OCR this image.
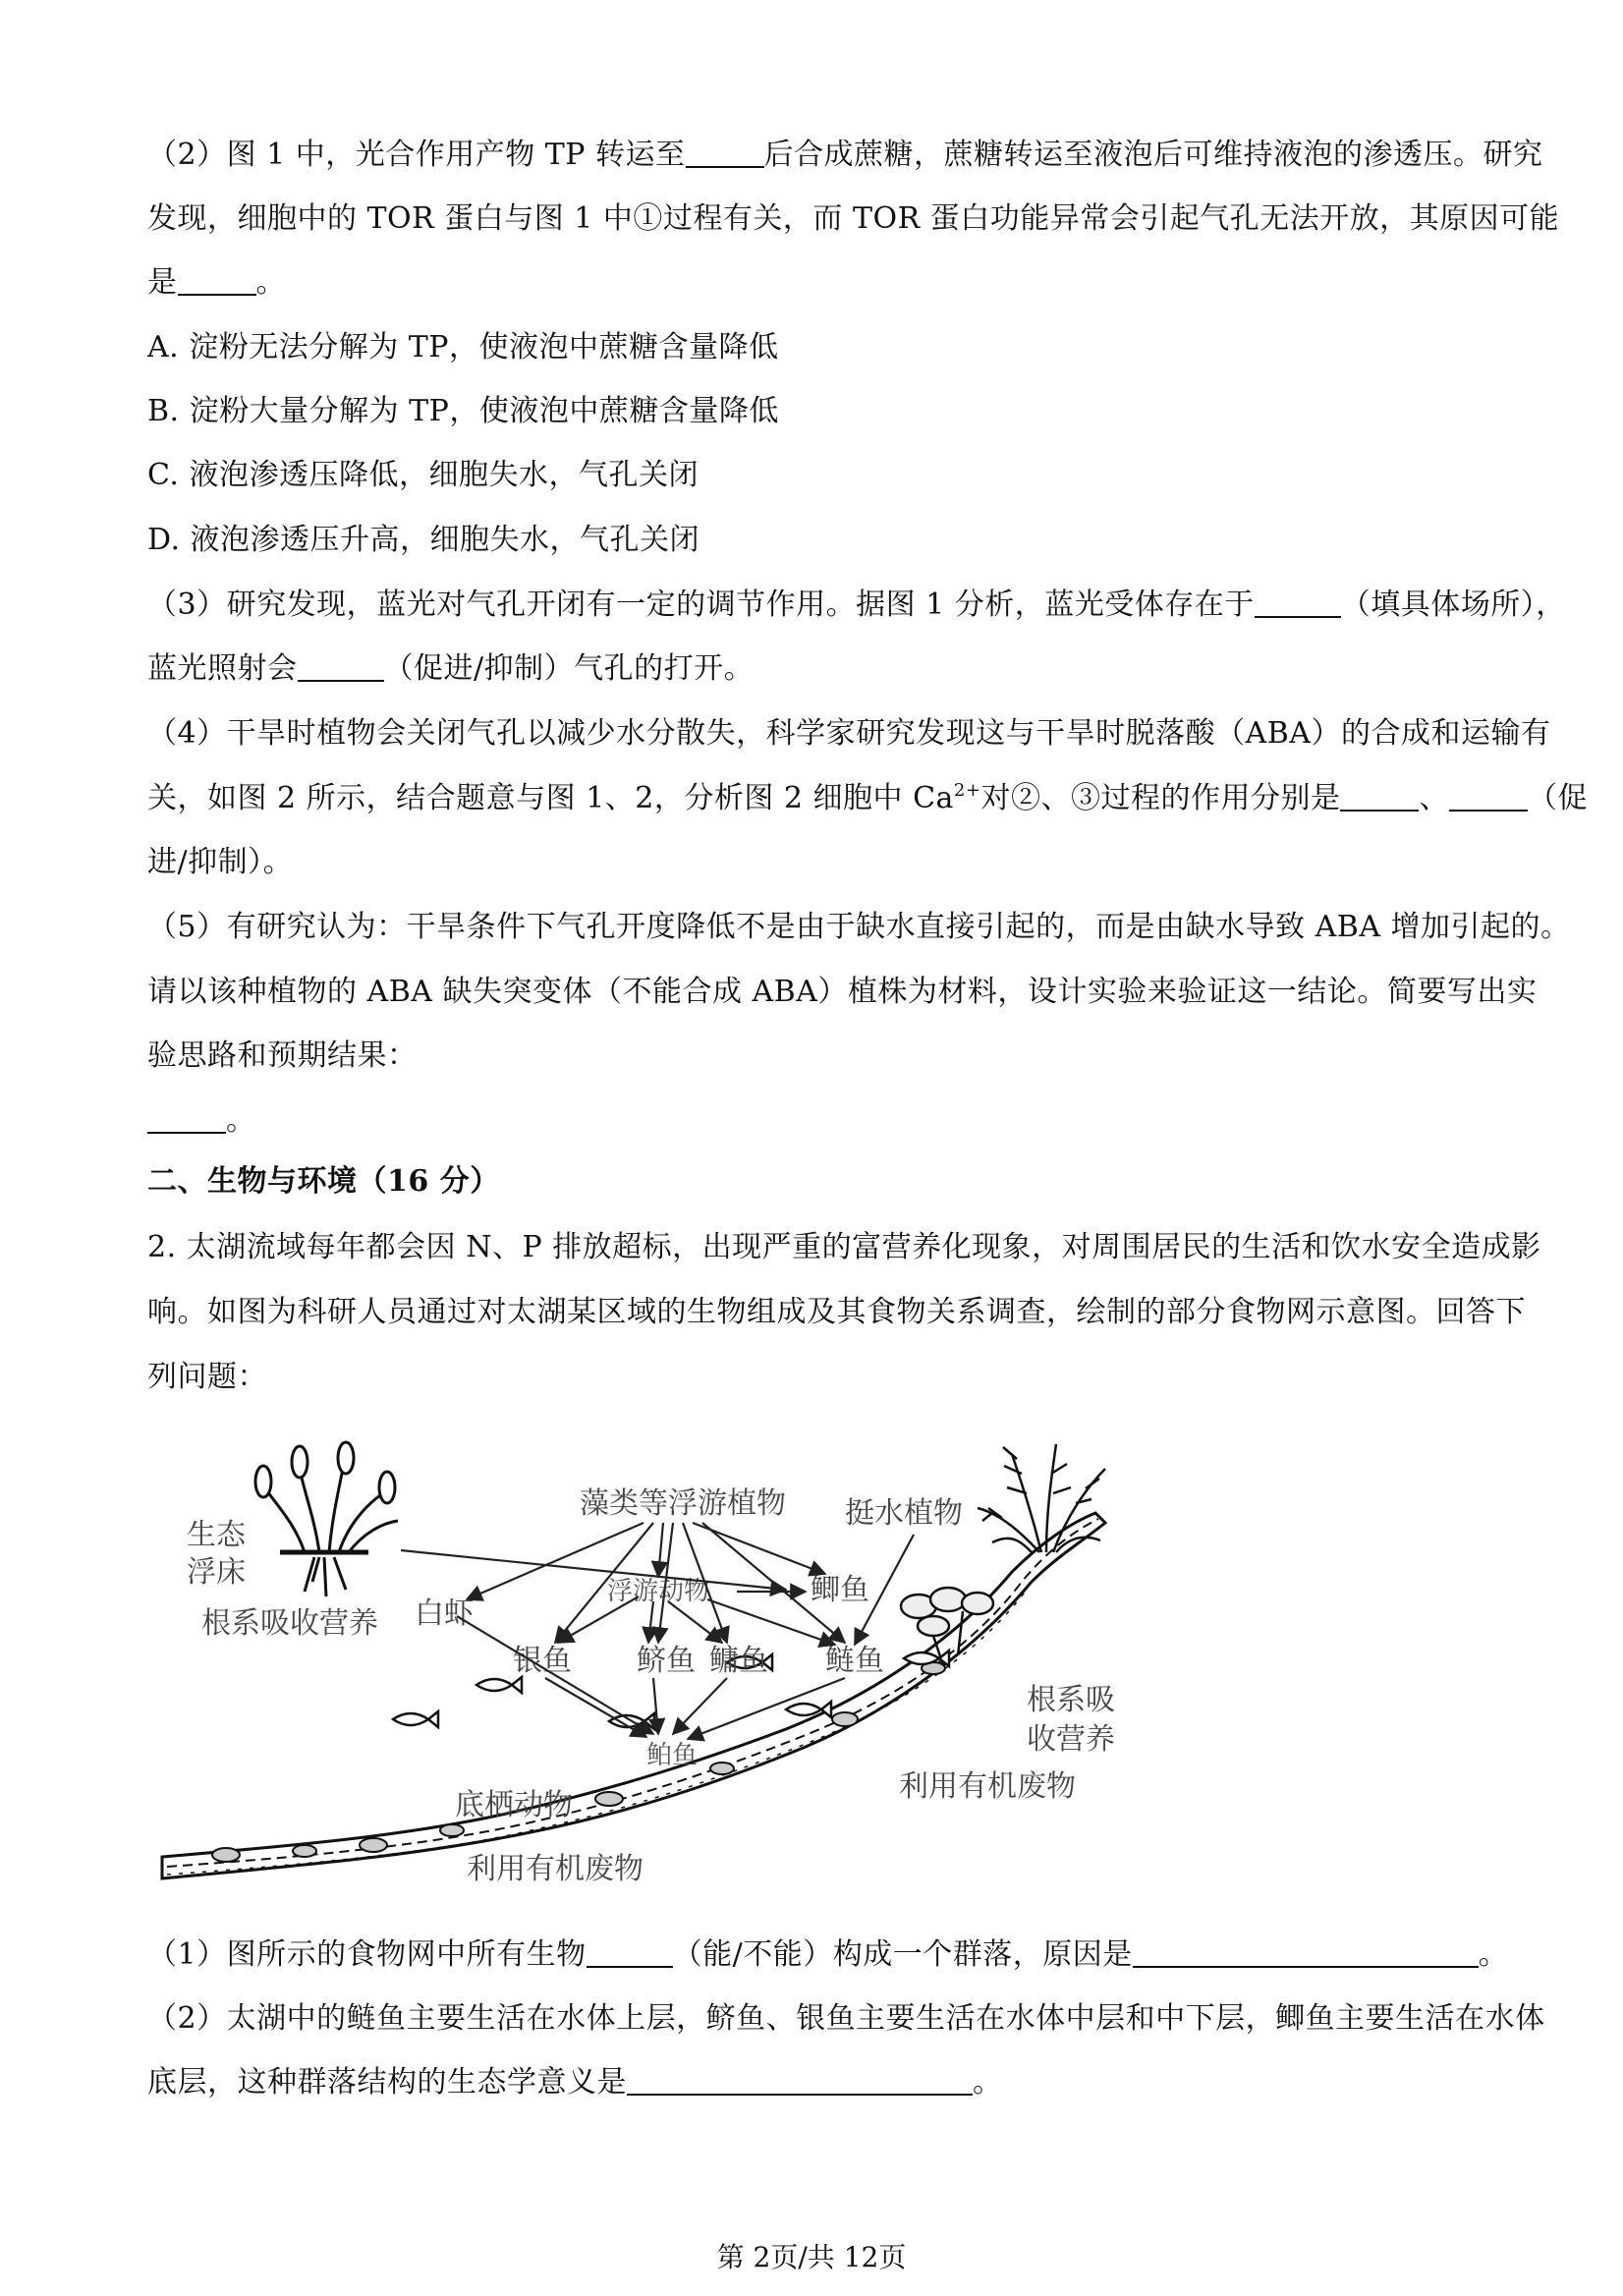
（2）图 1 中，光合作用产物 TP 转运至	后合成蔗糖，蔗糖转运至液泡后可维持液泡的渗透压。研究
发现，细胞中的 TOR 蛋白与图 1 中①过程有关，而 TOR 蛋白功能异常会引起气孔无法开放，其原因可能
是	。
A. 淀粉无法分解为 TP，使液泡中蔗糖含量降低
B. 淀粉大量分解为 TP，使液泡中蔗糖含量降低
C. 液泡渗透压降低，细胞失水，气孔关闭
D. 液泡渗透压升高，细胞失水，气孔关闭
（3）研究发现，蓝光对气孔开闭有一定的调节作用。据图 1 分析，蓝光受体存在于	（填具体场所），
蓝光照射会	（促进/抑制）气孔的打开。
（4）干旱时植物会关闭气孔以减少水分散失，科学家研究发现这与干旱时脱落酸（ABA）的合成和运输有
关，如图 2 所示，结合题意与图 1、2，分析图 2 细胞中 $Ca^{2+}$对②、③过程的作用分别是	、	（促
进/抑制）。
（5）有研究认为：干旱条件下气孔开度降低不是由于缺水直接引起的，而是由缺水导致 ABA 增加引起的。
请以该种植物的 ABA 缺失突变体（不能合成 ABA）植株为材料，设计实验来验证这一结论。简要写出实
验思路和预期结果：
。
二、生物与环境（16 分）
2. 太湖流域每年都会因 N、P 排放超标，出现严重的富营养化现象，对周围居民的生活和饮水安全造成影
响。如图为科研人员通过对太湖某区域的生物组成及其食物关系调查，绘制的部分食物网示意图。回答下
列问题：
藻类等浮游植物 挺水植物
生态
浮床
根系吸收营养 白虾
浮游动物	鲫鱼
银鱼 鲚鱼 鳙鱼 鲢鱼
鲌鱼
底栖动物
利用有机废物
根系吸
收营养
利用有机废物
（1）图所示的食物网中所有生物	（能/不能）构成一个群落，原因是	。
（2）太湖中的鲢鱼主要生活在水体上层，鲚鱼、银鱼主要生活在水体中层和中下层，鲫鱼主要生活在水体
底层，这种群落结构的生态学意义是	。
第 2页/共 12页
